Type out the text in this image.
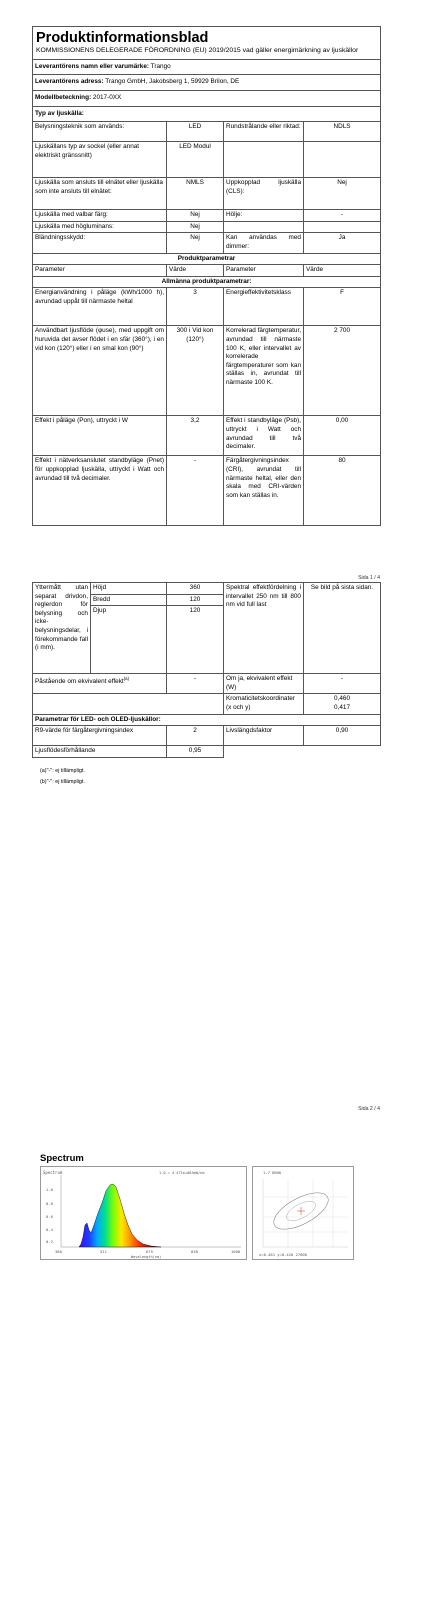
Produktinformationsblad
KOMMISSIONENS DELEGERADE FÖRORDNING (EU) 2019/2015 vad gäller energimärkning av ljuskällor			

Leverantörens namn eller varumärke: Trango			
Leverantörens adress: Trango GmbH, Jakobsberg 1, 59929 Brilon, DE			
Modellbeteckning: 2017-0XX			
Typ av ljuskälla:			
Belysningsteknik som används:	LED	Rundstrålande eller riktad:	NDLS
Ljuskällans typ av sockel (eller annat elektriskt gränssnitt)	LED Modul		
Ljuskälla som ansluts till elnätet eller ljuskälla som inte ansluts till elnätet:	NMLS	Uppkopplad ljuskälla (CLS):	Nej
Ljuskälla med valbar färg:	Nej	Hölje:	-
Ljuskälla med högluminans:	Nej		
Bländningsskydd:	Nej	Kan användas med dimmer:	Ja
Produktparametrar			
Parameter	Värde	Parameter	Värde
Allmänna produktparametrar:			
Energianvändning i påläge (kWh/1000 h), avrundad uppåt till närmaste heltal	3	Energieffektivitetsklass	F
Användbart ljusflöde (φuse), med uppgift om huruvida det avser flödet i en sfär (360°), i en vid kon (120°) eller i en smal kon (90°)	300 i Vid kon (120°)	Korrelerad färgtemperatur, avrundad till närmaste 100 K, eller intervallet av korrelerade färgtemperaturer som kan ställas in, avrundat till närmaste 100 K.	2 700
Effekt i påläge (Pon), uttryckt i W	3,2	Effekt i standbyläge (Psb), uttryckt i Watt och avrundad till två decimaler.	0,00
Effekt i nätverksanslutet standbyläge (Pnet) för uppkopplad ljuskälla, uttryckt i Watt och avrundad till två decimaler.	-	Färgåtergivningsindex (CRI), avrundat till närmaste heltal, eller den skala med CRI-värden som kan ställas in.	80
Sida 1 / 4
Yttermått utan separat drivdon, reglerdon för belysning och icke-belysningsdelar, i förekommande fall (i mm).	Höjd	360	Spektral effektfördelning i intervallet 250 nm till 800 nm vid full last	Se bild på sista sidan.
	Bredd	120		
	Djup	120		
Påstående om ekvivalent effekt$^{(a)}$		-	Om ja, ekvivalent effekt (W)	-
			Kromaticitetskoordinater (x och y)	0,460
0,417

Parametrar för LED- och OLED-ljuskällor:				
R9-värde för färgåtergivningsindex		2	Livslängdsfaktor	0,90
Ljusflödesförhållande		0,95		
(a)"-": ej tillämpligt.
(b)"-": ej tillämpligt.
Sida 2 / 4
Spectrum
Spectrum	1.0 = 4.471e+003mW/nm
1.0
0.8
0.6
0.4
0.2
380	511	675	838	1000
Wavelength(nm)
1.7 DBOK
x=0.461 y=0.420 2700K
